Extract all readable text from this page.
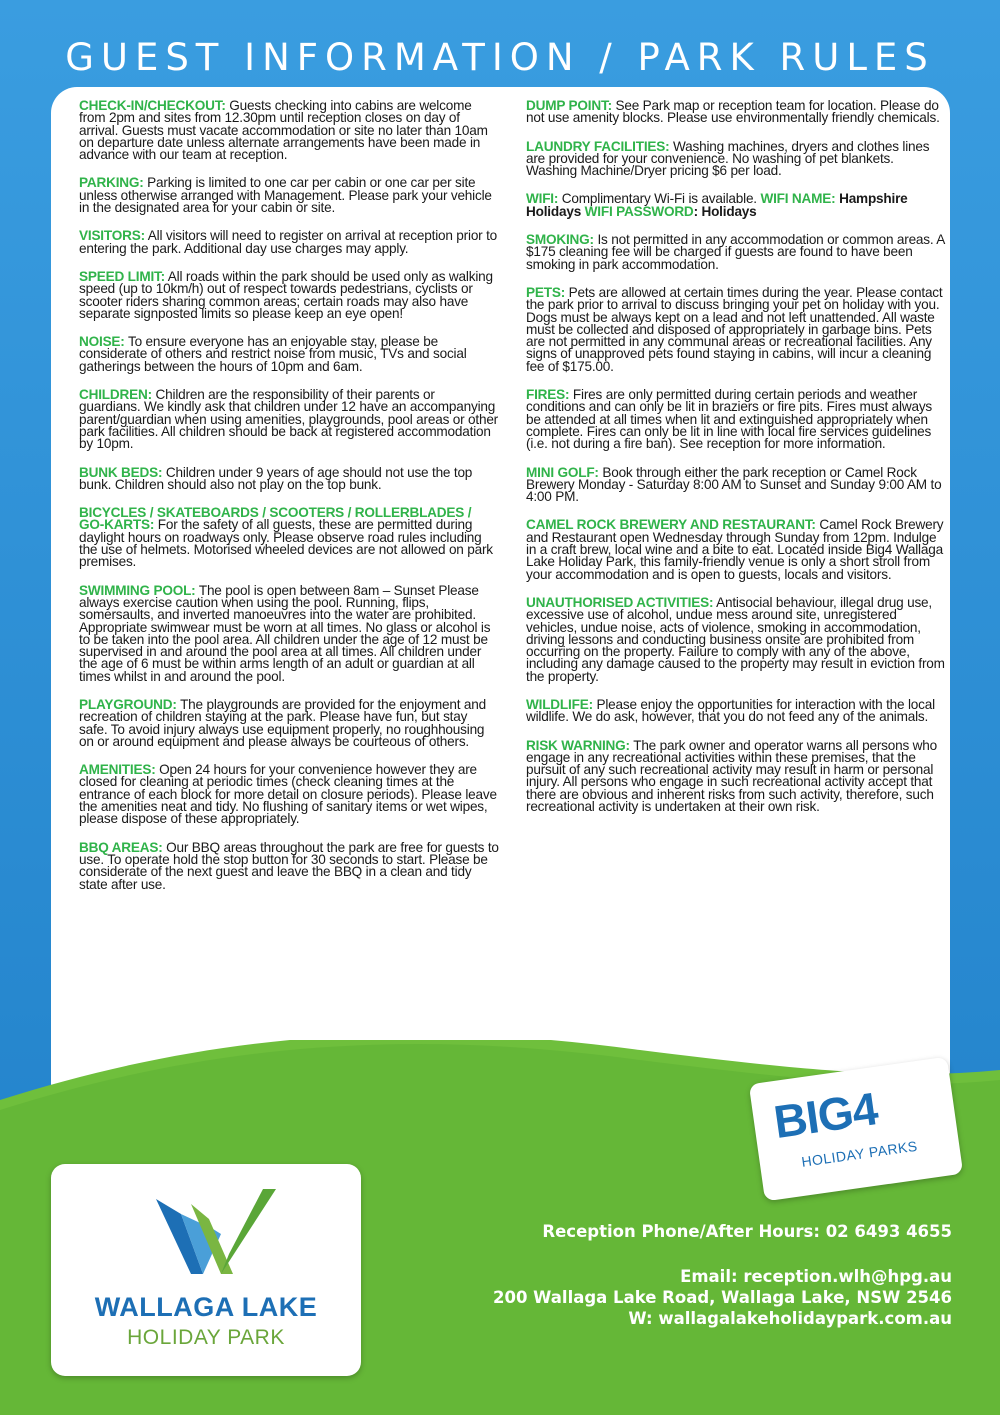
GUEST INFORMATION / PARK RULES

CHECK-IN/CHECKOUT: Guests checking into cabins are welcome from 2pm and sites from 12.30pm until reception closes on day of arrival. Guests must vacate accommodation or site no later than 10am on departure date unless alternate arrangements have been made in advance with our team at reception.

PARKING: Parking is limited to one car per cabin or one car per site unless otherwise arranged with Management. Please park your vehicle in the designated area for your cabin or site.

VISITORS: All visitors will need to register on arrival at reception prior to entering the park. Additional day use charges may apply.

SPEED LIMIT: All roads within the park should be used only as walking speed (up to 10km/h) out of respect towards pedestrians, cyclists or scooter riders sharing common areas; certain roads may also have separate signposted limits so please keep an eye open!

NOISE: To ensure everyone has an enjoyable stay, please be considerate of others and restrict noise from music, TVs and social gatherings between the hours of 10pm and 6am.

CHILDREN: Children are the responsibility of their parents or guardians. We kindly ask that children under 12 have an accompanying parent/guardian when using amenities, playgrounds, pool areas or other park facilities. All children should be back at registered accommodation by 10pm.

BUNK BEDS: Children under 9 years of age should not use the top bunk. Children should also not play on the top bunk.

BICYCLES / SKATEBOARDS / SCOOTERS / ROLLERBLADES / GO-KARTS: For the safety of all guests, these are permitted during daylight hours on roadways only. Please observe road rules including the use of helmets. Motorised wheeled devices are not allowed on park premises.

SWIMMING POOL: The pool is open between 8am – Sunset Please always exercise caution when using the pool. Running, flips, somersaults, and inverted manoeuvres into the water are prohibited. Appropriate swimwear must be worn at all times. No glass or alcohol is to be taken into the pool area. All children under the age of 12 must be supervised in and around the pool area at all times. All children under the age of 6 must be within arms length of an adult or guardian at all times whilst in and around the pool.

PLAYGROUND: The playgrounds are provided for the enjoyment and recreation of children staying at the park. Please have fun, but stay safe. To avoid injury always use equipment properly, no roughhousing on or around equipment and please always be courteous of others.

AMENITIES: Open 24 hours for your convenience however they are closed for cleaning at periodic times (check cleaning times at the entrance of each block for more detail on closure periods). Please leave the amenities neat and tidy. No flushing of sanitary items or wet wipes, please dispose of these appropriately.

BBQ AREAS: Our BBQ areas throughout the park are free for guests to use. To operate hold the stop button for 30 seconds to start. Please be considerate of the next guest and leave the BBQ in a clean and tidy state after use.

DUMP POINT: See Park map or reception team for location. Please do not use amenity blocks. Please use environmentally friendly chemicals.

LAUNDRY FACILITIES: Washing machines, dryers and clothes lines are provided for your convenience. No washing of pet blankets. Washing Machine/Dryer pricing $6 per load.

WIFI: Complimentary Wi-Fi is available. WIFI NAME: Hampshire Holidays WIFI PASSWORD: Holidays

SMOKING: Is not permitted in any accommodation or common areas. A $175 cleaning fee will be charged if guests are found to have been smoking in park accommodation.

PETS: Pets are allowed at certain times during the year. Please contact the park prior to arrival to discuss bringing your pet on holiday with you. Dogs must be always kept on a lead and not left unattended. All waste must be collected and disposed of appropriately in garbage bins. Pets are not permitted in any communal areas or recreational facilities. Any signs of unapproved pets found staying in cabins, will incur a cleaning fee of $175.00.

FIRES: Fires are only permitted during certain periods and weather conditions and can only be lit in braziers or fire pits. Fires must always be attended at all times when lit and extinguished appropriately when complete. Fires can only be lit in line with local fire services guidelines (i.e. not during a fire ban). See reception for more information.

MINI GOLF: Book through either the park reception or Camel Rock Brewery Monday - Saturday 8:00 AM to Sunset and Sunday 9:00 AM to 4:00 PM.

CAMEL ROCK BREWERY AND RESTAURANT: Camel Rock Brewery and Restaurant open Wednesday through Sunday from 12pm. Indulge in a craft brew, local wine and a bite to eat. Located inside Big4 Wallaga Lake Holiday Park, this family-friendly venue is only a short stroll from your accommodation and is open to guests, locals and visitors.

UNAUTHORISED ACTIVITIES: Antisocial behaviour, illegal drug use, excessive use of alcohol, undue mess around site, unregistered vehicles, undue noise, acts of violence, smoking in accommodation, driving lessons and conducting business onsite are prohibited from occurring on the property. Failure to comply with any of the above, including any damage caused to the property may result in eviction from the property.

WILDLIFE: Please enjoy the opportunities for interaction with the local wildlife. We do ask, however, that you do not feed any of the animals.

RISK WARNING: The park owner and operator warns all persons who engage in any recreational activities within these premises, that the pursuit of any such recreational activity may result in harm or personal injury. All persons who engage in such recreational activity accept that there are obvious and inherent risks from such activity, therefore, such recreational activity is undertaken at their own risk.

WALLAGA LAKE
HOLIDAY PARK
BIG4
HOLIDAY PARKS
Reception Phone/After Hours: 02 6493 4655
Email: reception.wlh@hpg.au
200 Wallaga Lake Road, Wallaga Lake, NSW 2546
W: wallagalakeholidaypark.com.au
